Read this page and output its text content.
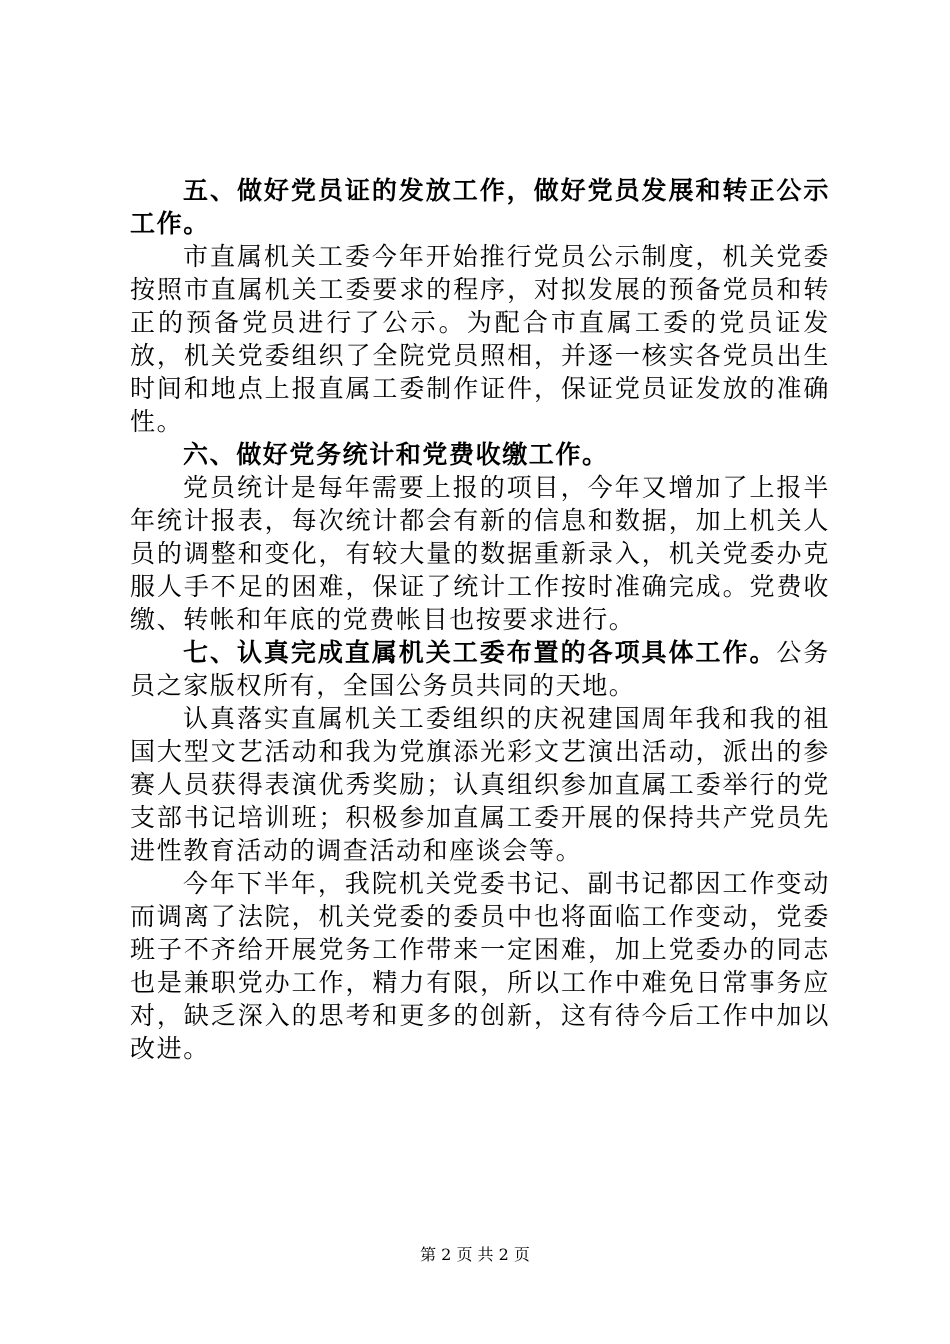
五、做好党员证的发放工作，做好党员发展和转正公示工作。

市直属机关工委今年开始推行党员公示制度，机关党委按照市直属机关工委要求的程序，对拟发展的预备党员和转正的预备党员进行了公示。为配合市直属工委的党员证发放，机关党委组织了全院党员照相，并逐一核实各党员出生时间和地点上报直属工委制作证件，保证党员证发放的准确性。

六、做好党务统计和党费收缴工作。

党员统计是每年需要上报的项目，今年又增加了上报半年统计报表，每次统计都会有新的信息和数据，加上机关人员的调整和变化，有较大量的数据重新录入，机关党委办克服人手不足的困难，保证了统计工作按时准确完成。党费收缴、转帐和年底的党费帐目也按要求进行。

七、认真完成直属机关工委布置的各项具体工作。公务员之家版权所有，全国公务员共同的天地。

认真落实直属机关工委组织的庆祝建国周年我和我的祖国大型文艺活动和我为党旗添光彩文艺演出活动，派出的参赛人员获得表演优秀奖励；认真组织参加直属工委举行的党支部书记培训班；积极参加直属工委开展的保持共产党员先进性教育活动的调查活动和座谈会等。

今年下半年，我院机关党委书记、副书记都因工作变动而调离了法院，机关党委的委员中也将面临工作变动，党委班子不齐给开展党务工作带来一定困难，加上党委办的同志也是兼职党办工作，精力有限，所以工作中难免日常事务应对，缺乏深入的思考和更多的创新，这有待今后工作中加以改进。

第 2 页 共 2 页
